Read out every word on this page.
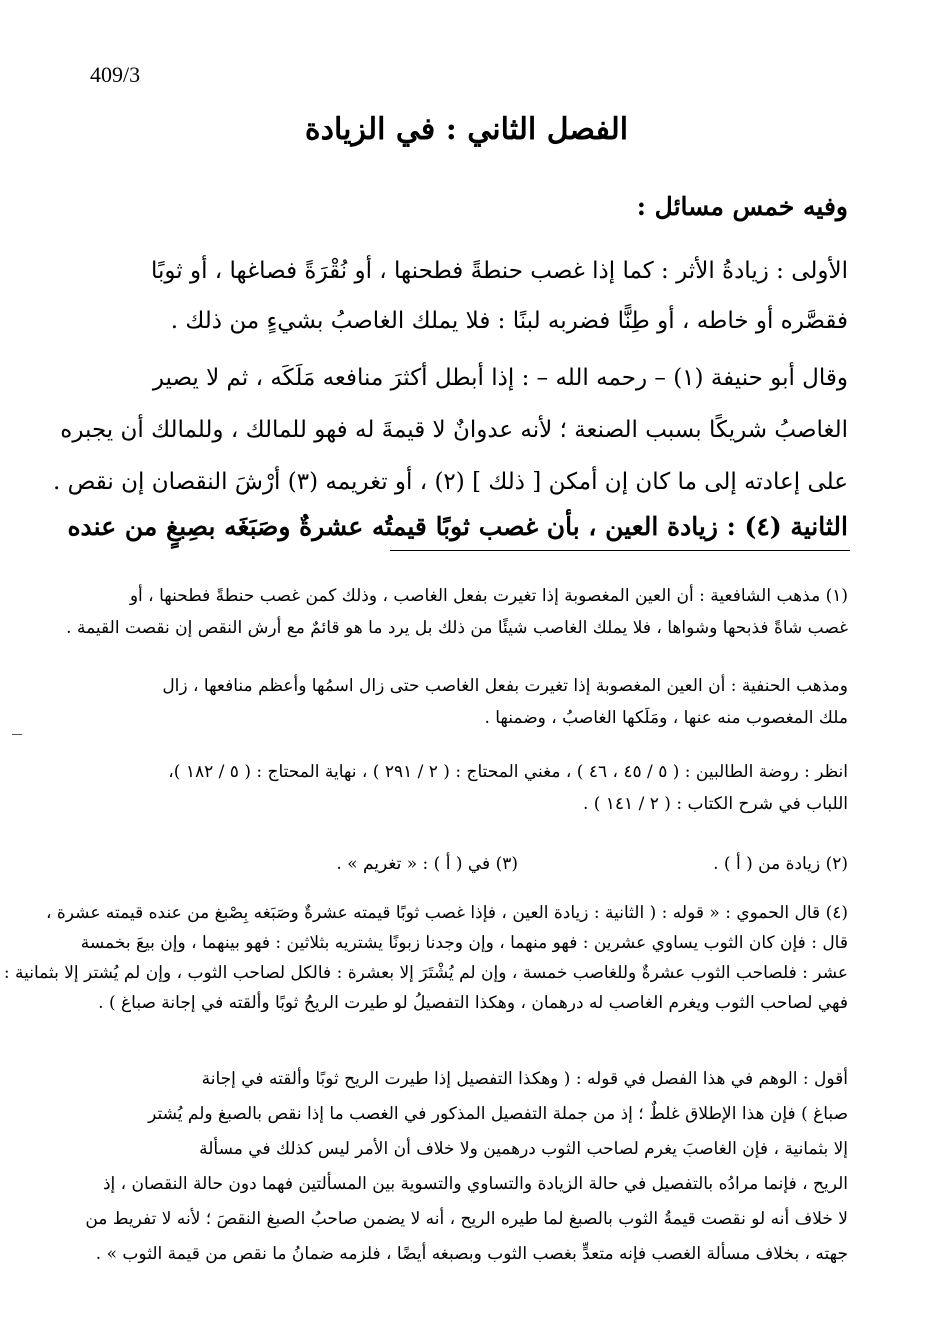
409/3
الفصل الثاني : في الزيادة
وفيه خمس مسائل :
الأولى : زيادةُ الأثر : كما إذا غصب حنطةً فطحنها ، أو نُقْرَةً فصاغها ، أو ثوبًا
فقصَّره أو خاطه ، أو طِنًّا فضربه لبنًا : فلا يملك الغاصبُ بشيءٍ من ذلك .
وقال أبو حنيفة (١) – رحمه الله – : إذا أبطل أكثرَ منافعه مَلَكَه ، ثم لا يصير
الغاصبُ شريكًا بسبب الصنعة ؛ لأنه عدوانٌ لا قيمةَ له فهو للمالك ، وللمالك أن يجبره
على إعادته إلى ما كان إن أمكن [ ذلك ] (٢) ، أو تغريمه (٣) أرْشَ النقصان إن نقص .
الثانية (٤) : زيادة العين ، بأن غصب ثوبًا قيمتُه عشرةٌ وصَبَغَه بصِبغٍ من عنده
(١) مذهب الشافعية : أن العين المغصوبة إذا تغيرت بفعل الغاصب ، وذلك كمن غصب حنطةً فطحنها ، أو
غصب شاةً فذبحها وشواها ، فلا يملك الغاصب شيئًا من ذلك بل يرد ما هو قائمٌ مع أرش النقص إن نقصت القيمة .
ومذهب الحنفية : أن العين المغصوبة إذا تغيرت بفعل الغاصب حتى زال اسمُها وأعظم منافعها ، زال
ملك المغصوب منه عنها ، ومَلَكها الغاصبُ ، وضمنها .
انظر : روضة الطالبين : ( ٥ / ٤٥ ، ٤٦ ) ، مغني المحتاج : ( ٢ / ٢٩١ ) ، نهاية المحتاج : ( ٥ / ١٨٢ )،
اللباب في شرح الكتاب : ( ٢ / ١٤١ ) .
(٢) زيادة من ( أ ) .
(٣) في ( أ ) : « تغريم » .
(٤) قال الحموي : « قوله : ( الثانية : زيادة العين ، فإذا غصب ثوبًا قيمته عشرةٌ وصَبَغه بِصْبغ من عنده قيمته عشرة ،
قال : فإن كان الثوب يساوي عشرين : فهو منهما ، وإن وجدنا زبونًا يشتريه بثلاثين : فهو بينهما ، وإن بيعَ بخمسة
عشر : فلصاحب الثوب عشرةٌ وللغاصب خمسة ، وإن لم يُشْتَرَ إلا بعشرة : فالكل لصاحب الثوب ، وإن لم يُشتر إلا بثمانية :
فهي لصاحب الثوب ويغرم الغاصب له درهمان ، وهكذا التفصيلُ لو طيرت الريحُ ثوبًا وألقته في إجانة صباغ ) .
أقول : الوهم في هذا الفصل في قوله : ( وهكذا التفصيل إذا طيرت الريح ثوبًا وألقته في إجانة
صباغ ) فإن هذا الإطلاق غلطٌ ؛ إذ من جملة التفصيل المذكور في الغصب ما إذا نقص بالصبغ ولم يُشتر
إلا بثمانية ، فإن الغاصبَ يغرم لصاحب الثوب درهمين ولا خلاف أن الأمر ليس كذلك في مسألة
الريح ، فإنما مرادُه بالتفصيل في حالة الزيادة والتساوي والتسوية بين المسألتين فهما دون حالة النقصان ، إذ
لا خلاف أنه لو نقصت قيمةُ الثوب بالصبغ لما طيره الريح ، أنه لا يضمن صاحبُ الصبغ النقصَ ؛ لأنه لا تفريط من
جهته ، بخلاف مسألة الغصب فإنه متعدٍّ بغصب الثوب وبصبغه أيضًا ، فلزمه ضمانُ ما نقص من قيمة الثوب » .
